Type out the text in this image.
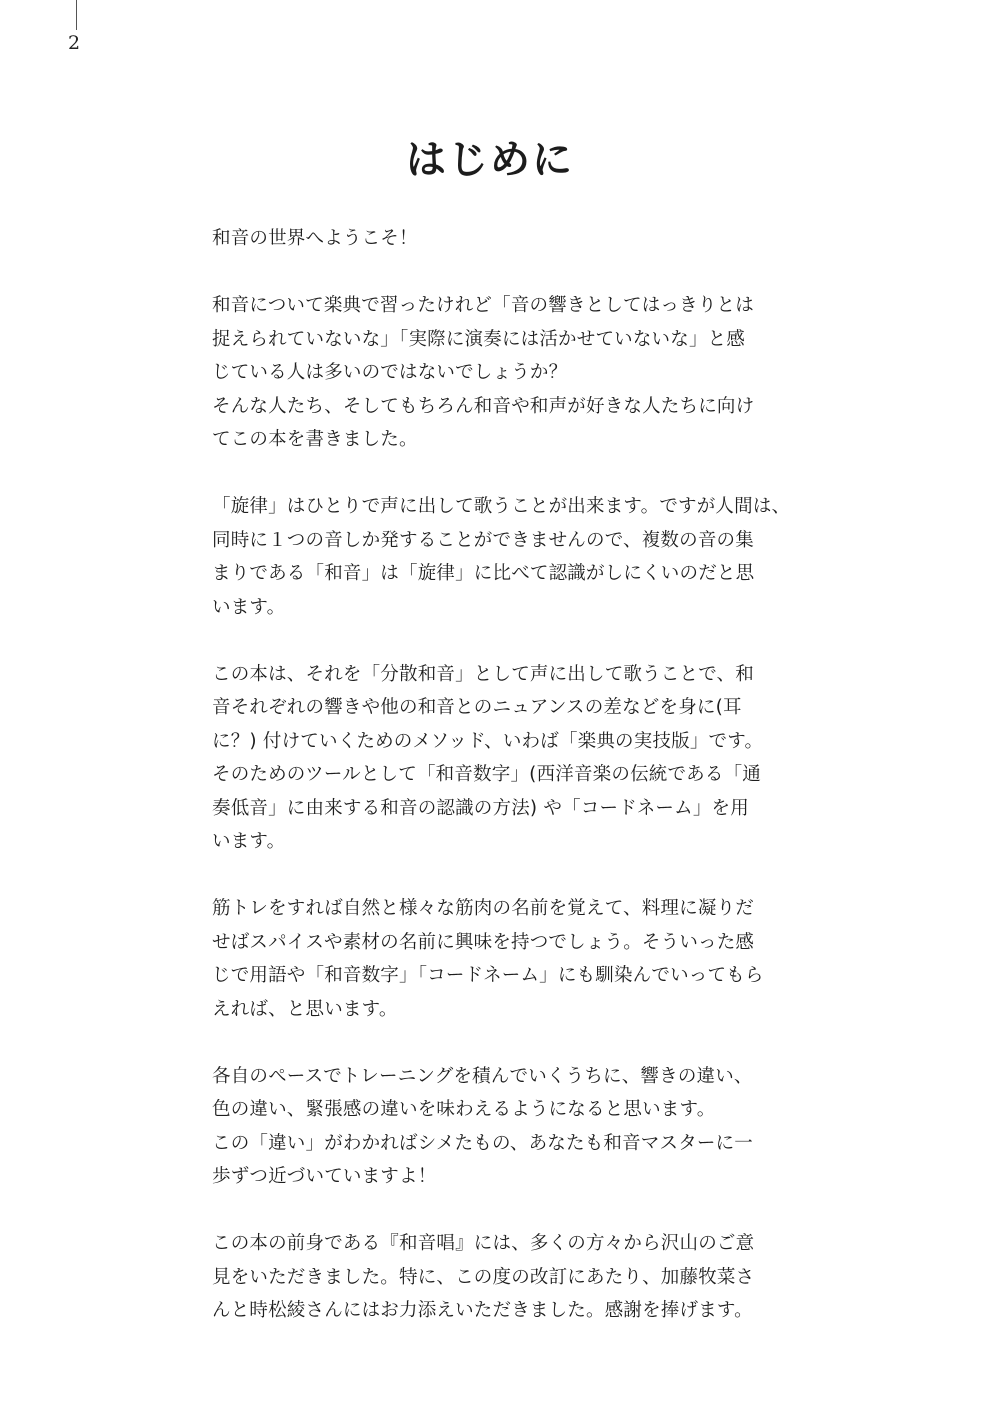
2
はじめに

和音の世界へようこそ！

和音について楽典で習ったけれど「音の響きとしてはっきりとは
捉えられていないな」「実際に演奏には活かせていないな」と感
じている人は多いのではないでしょうか？
そんな人たち、そしてもちろん和音や和声が好きな人たちに向け
てこの本を書きました。

「旋律」はひとりで声に出して歌うことが出来ます。ですが人間は、
同時に１つの音しか発することができませんので、複数の音の集
まりである「和音」は「旋律」に比べて認識がしにくいのだと思
います。

この本は、それを「分散和音」として声に出して歌うことで、和
音それぞれの響きや他の和音とのニュアンスの差などを身に(耳
に？) 付けていくためのメソッド、いわば「楽典の実技版」です。
そのためのツールとして「和音数字」(西洋音楽の伝統である「通
奏低音」に由来する和音の認識の方法) や「コードネーム」を用
います。

筋トレをすれば自然と様々な筋肉の名前を覚えて、料理に凝りだ
せばスパイスや素材の名前に興味を持つでしょう。そういった感
じで用語や「和音数字」「コードネーム」にも馴染んでいってもら
えれば、と思います。

各自のペースでトレーニングを積んでいくうちに、響きの違い、
色の違い、緊張感の違いを味わえるようになると思います。
この「違い」がわかればシメたもの、あなたも和音マスターに一
歩ずつ近づいていますよ！

この本の前身である『和音唱』には、多くの方々から沢山のご意
見をいただきました。特に、この度の改訂にあたり、加藤牧菜さ
んと時松綾さんにはお力添えいただきました。感謝を捧げます。
